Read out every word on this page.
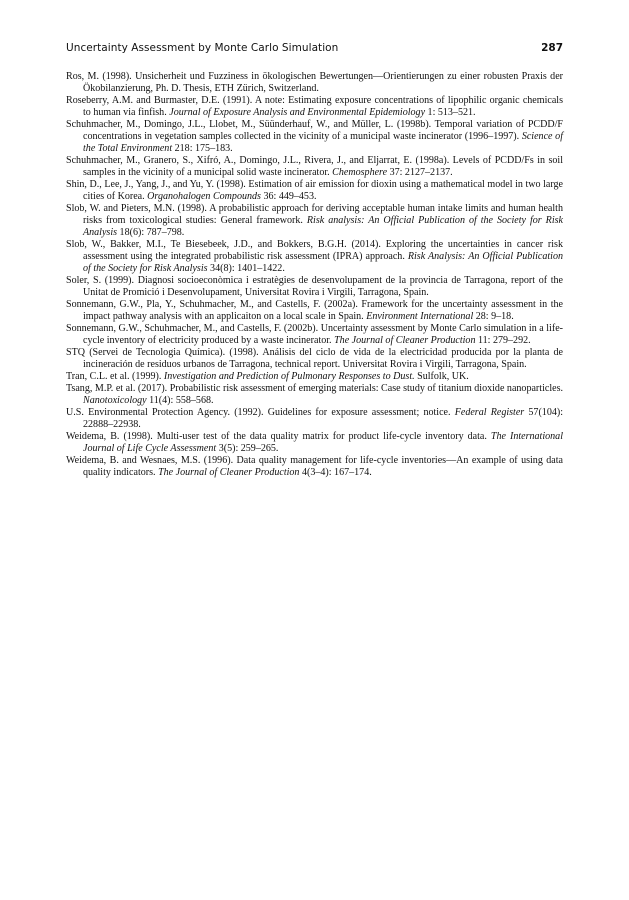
Uncertainty Assessment by Monte Carlo Simulation	287

Ros, M. (1998). Unsicherheit und Fuzziness in ökologischen Bewertungen—Orientierungen zu einer robusten Praxis der Ökobilanzierung, Ph. D. Thesis, ETH Zürich, Switzerland.

Roseberry, A.M. and Burmaster, D.E. (1991). A note: Estimating exposure concentrations of lipophilic organic chemicals to human via finfish. Journal of Exposure Analysis and Environmental Epidemiology 1: 513–521.

Schuhmacher, M., Domingo, J.L., Llobet, M., Süünderhauf, W., and Müller, L. (1998b). Temporal variation of PCDD/F concentrations in vegetation samples collected in the vicinity of a municipal waste incinerator (1996–1997). Science of the Total Environment 218: 175–183.

Schuhmacher, M., Granero, S., Xifró, A., Domingo, J.L., Rivera, J., and Eljarrat, E. (1998a). Levels of PCDD/Fs in soil samples in the vicinity of a municipal solid waste incinerator. Chemosphere 37: 2127–2137.

Shin, D., Lee, J., Yang, J., and Yu, Y. (1998). Estimation of air emission for dioxin using a mathematical model in two large cities of Korea. Organohalogen Compounds 36: 449–453.

Slob, W. and Pieters, M.N. (1998). A probabilistic approach for deriving acceptable human intake limits and human health risks from toxicological studies: General framework. Risk analysis: An Official Publication of the Society for Risk Analysis 18(6): 787–798.

Slob, W., Bakker, M.I., Te Biesebeek, J.D., and Bokkers, B.G.H. (2014). Exploring the uncertainties in cancer risk assessment using the integrated probabilistic risk assessment (IPRA) approach. Risk Analysis: An Official Publication of the Society for Risk Analysis 34(8): 1401–1422.

Soler, S. (1999). Diagnosi socioeconòmica i estratègies de desenvolupament de la provincia de Tarragona, report of the Unitat de Promició i Desenvolupament, Universitat Rovira i Virgili, Tarragona, Spain.

Sonnemann, G.W., Pla, Y., Schuhmacher, M., and Castells, F. (2002a). Framework for the uncertainty assessment in the impact pathway analysis with an applicaiton on a local scale in Spain. Environment International 28: 9–18.

Sonnemann, G.W., Schuhmacher, M., and Castells, F. (2002b). Uncertainty assessment by Monte Carlo simulation in a life-cycle inventory of electricity produced by a waste incinerator. The Journal of Cleaner Production 11: 279–292.

STQ (Servei de Tecnologia Química). (1998). Análisis del ciclo de vida de la electricidad producida por la planta de incineración de residuos urbanos de Tarragona, technical report. Universitat Rovira i Virgili, Tarragona, Spain.

Tran, C.L. et al. (1999). Investigation and Prediction of Pulmonary Responses to Dust. Sulfolk, UK.

Tsang, M.P. et al. (2017). Probabilistic risk assessment of emerging materials: Case study of titanium dioxide nanoparticles. Nanotoxicology 11(4): 558–568.

U.S. Environmental Protection Agency. (1992). Guidelines for exposure assessment; notice. Federal Register 57(104): 22888–22938.

Weidema, B. (1998). Multi-user test of the data quality matrix for product life-cycle inventory data. The International Journal of Life Cycle Assessment 3(5): 259–265.

Weidema, B. and Wesnaes, M.S. (1996). Data quality management for life-cycle inventories—An example of using data quality indicators. The Journal of Cleaner Production 4(3–4): 167–174.
